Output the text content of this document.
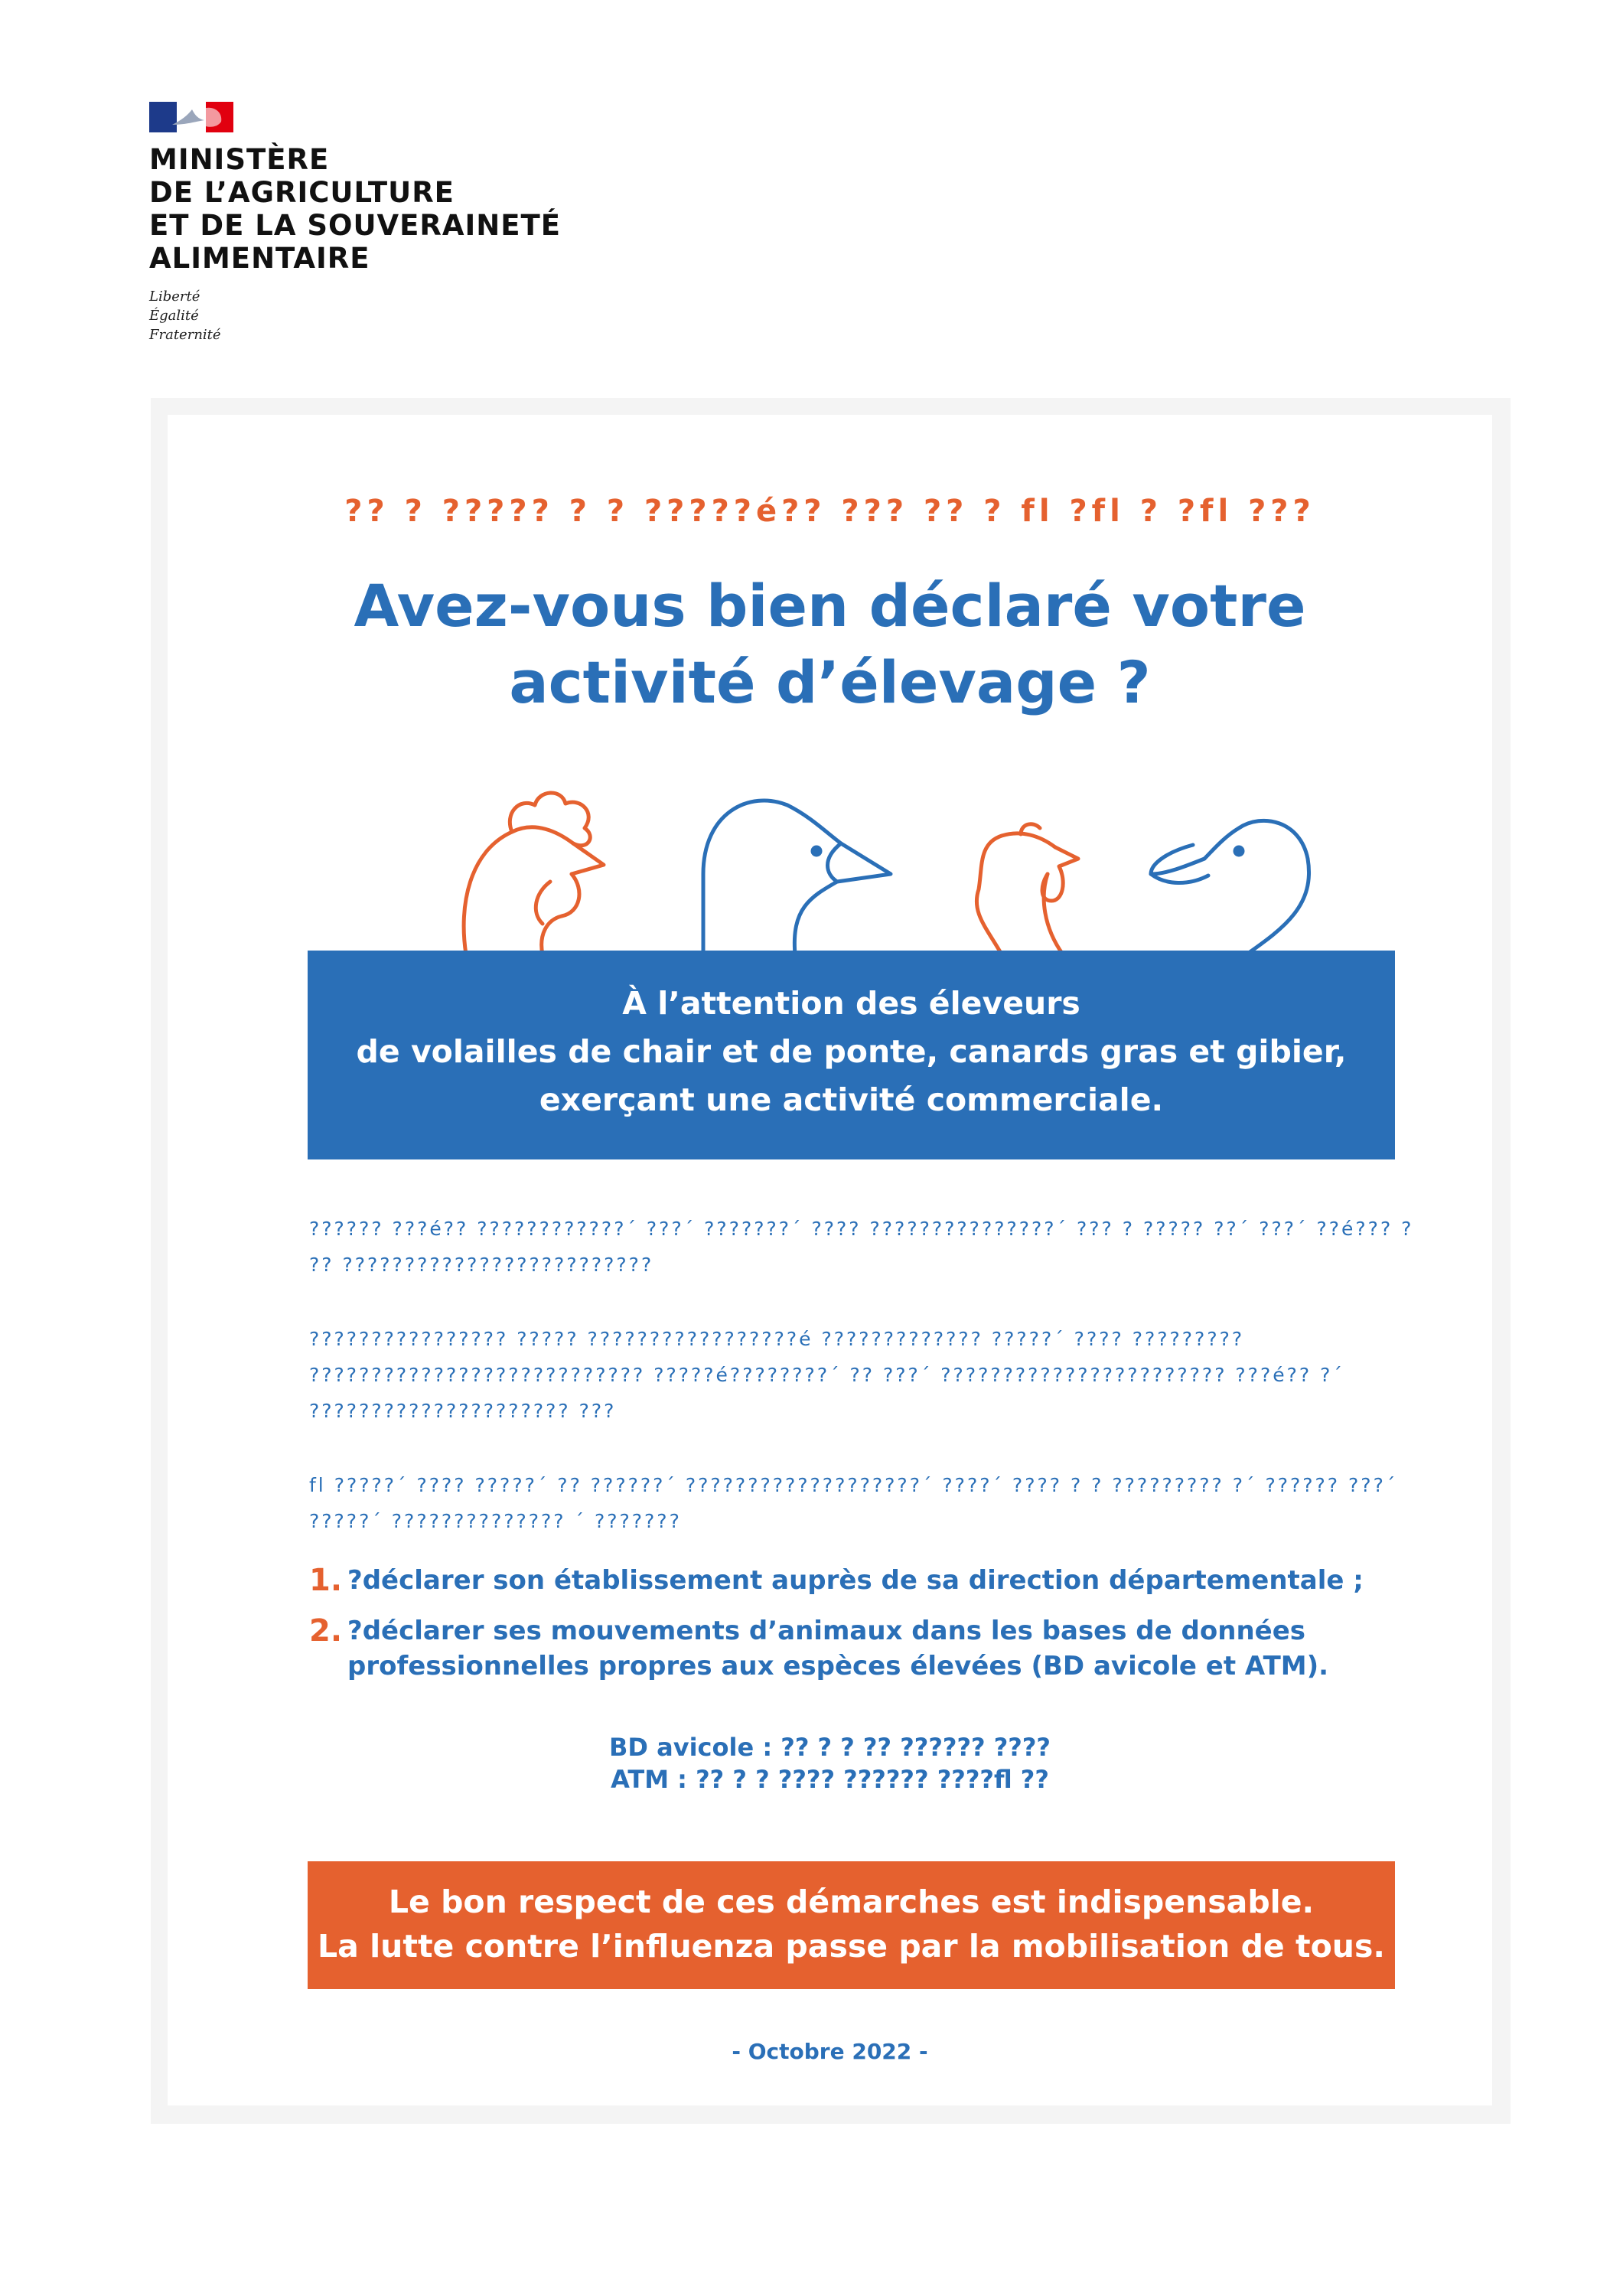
MINISTÈRE
DE L’AGRICULTURE
ET DE LA SOUVERAINETÉ
ALIMENTAIRE
Liberté
Égalité
Fraternité
?? ? ????? ? ? ?????é?? ??? ?? ? fl ?fl ? ?fl ???
Avez-vous bien déclaré votre
activité d’élevage ?
À l’attention des éleveurs
de volailles de chair et de ponte, canards gras et gibier,
exerçant une activité commerciale.

?????? ???é?? ????????????´ ???´ ???????´ ???? ???????????????´ ??? ? ????? ??´ ???´ ??é??? ? ?? ?????????????????????????

???????????????? ????? ?????????????????é ????????????? ?????´ ???? ????????? ??????????????????????????? ?????é????????´ ?? ???´ ??????????????????????? ???é?? ?´ ????????????????????? ???

fl ?????´ ???? ?????´ ?? ??????´ ???????????????????´ ????´ ???? ? ? ????????? ?´ ?????? ???´ ?????´ ?????????????? ´ ???????

1. ?déclarer son établissement auprès de sa direction départementale ;
2. ?déclarer ses mouvements d’animaux dans les bases de données professionnelles propres aux espèces élevées (BD avicole et ATM).
BD avicole : ?? ? ? ?? ?????? ????
ATM : ?? ? ? ???? ?????? ????fl ??
Le bon respect de ces démarches est indispensable.
La lutte contre l’influenza passe par la mobilisation de tous.
- Octobre 2022 -
